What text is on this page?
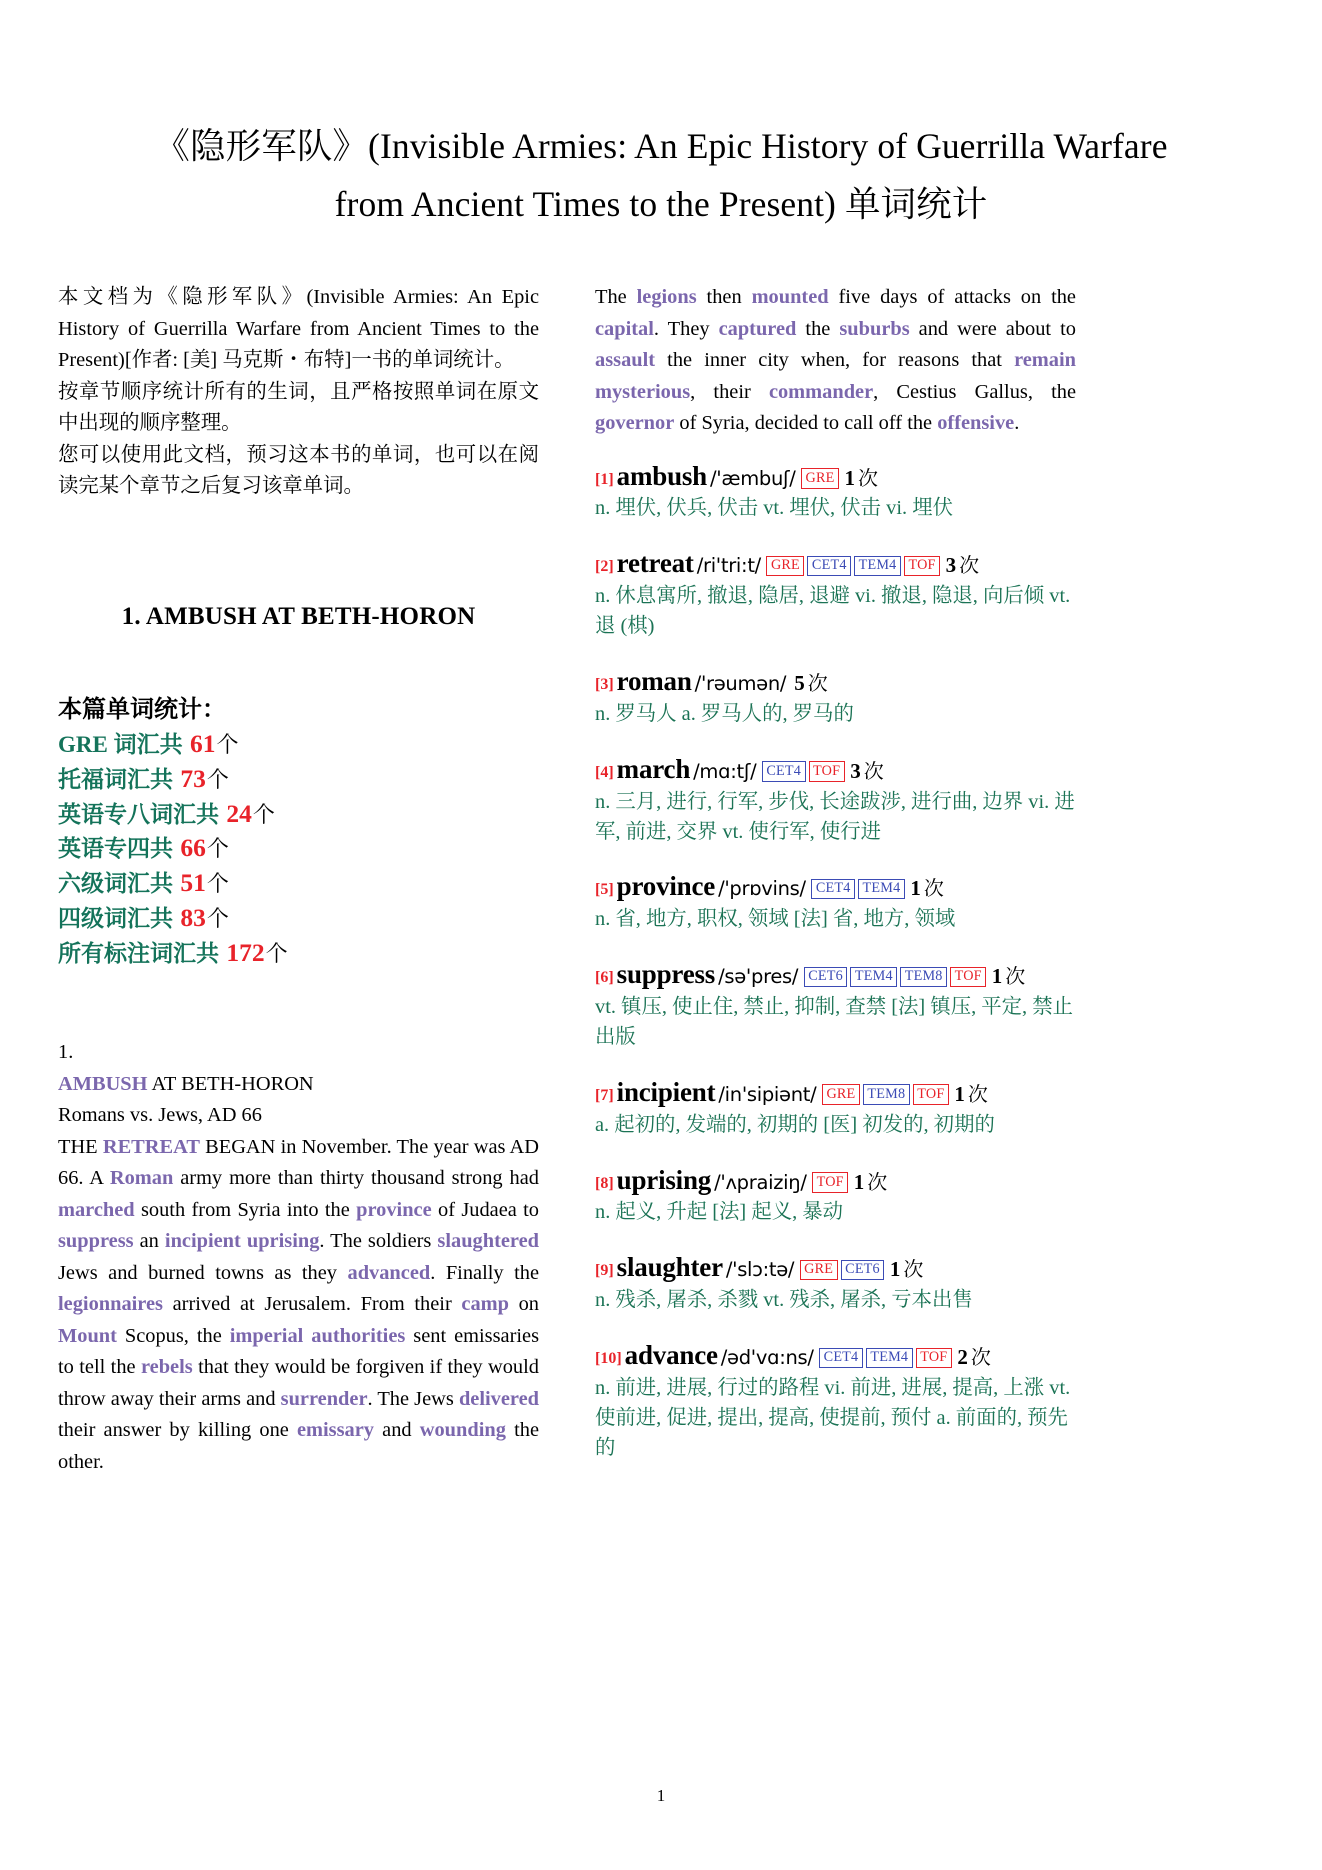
《隐形军队》(Invisible Armies: An Epic History of Guerrilla Warfare from Ancient Times to the Present) 单词统计

本文档为《隐形军队》(Invisible Armies: An Epic History of Guerrilla Warfare from Ancient Times to the Present)[作者: [美] 马克斯・布特]一书的单词统计。

按章节顺序统计所有的生词，且严格按照单词在原文中出现的顺序整理。

您可以使用此文档，预习这本书的单词，也可以在阅读完某个章节之后复习该章单词。

1. AMBUSH AT BETH-HORON
本篇单词统计：
GRE 词汇共 61个
托福词汇共 73个
英语专八词汇共 24个
英语专四共 66个
六级词汇共 51个
四级词汇共 83个
所有标注词汇共 172个
1.
AMBUSH AT BETH-HORON
Romans vs. Jews, AD 66

THE RETREAT BEGAN in November. The year was AD 66. A Roman army more than thirty thousand strong had marched south from Syria into the province of Judaea to suppress an incipient uprising. The soldiers slaughtered Jews and burned towns as they advanced. Finally the legionnaires arrived at Jerusalem. From their camp on Mount Scopus, the imperial authorities sent emissaries to tell the rebels that they would be forgiven if they would throw away their arms and surrender. The Jews delivered their answer by killing one emissary and wounding the other.

The legions then mounted five days of attacks on the capital. They captured the suburbs and were about to assault the inner city when, for reasons that remain mysterious, their commander, Cestius Gallus, the governor of Syria, decided to call off the offensive.

[1] ambush /'æmbuʃ/ GRE 1 次
n. 埋伏, 伏兵, 伏击 vt. 埋伏, 伏击 vi. 埋伏
[2] retreat /ri'tri:t/ GRE CET4 TEM4 TOF 3 次
n. 休息寓所, 撤退, 隐居, 退避 vi. 撤退, 隐退, 向后倾 vt. 退 (棋)
[3] roman /'rəumən/ 5 次
n. 罗马人 a. 罗马人的, 罗马的
[4] march /mɑ:tʃ/ CET4 TOF 3 次
n. 三月, 进行, 行军, 步伐, 长途跋涉, 进行曲, 边界 vi. 进军, 前进, 交界 vt. 使行军, 使行进
[5] province /'prɒvins/ CET4 TEM4 1 次
n. 省, 地方, 职权, 领域 [法] 省, 地方, 领域
[6] suppress /sə'pres/ CET6 TEM4 TEM8 TOF 1 次
vt. 镇压, 使止住, 禁止, 抑制, 查禁 [法] 镇压, 平定, 禁止出版
[7] incipient /in'sipiənt/ GRE TEM8 TOF 1 次
a. 起初的, 发端的, 初期的 [医] 初发的, 初期的
[8] uprising /'ʌpraiziŋ/ TOF 1 次
n. 起义, 升起 [法] 起义, 暴动
[9] slaughter /'slɔ:tə/ GRE CET6 1 次
n. 残杀, 屠杀, 杀戮 vt. 残杀, 屠杀, 亏本出售
[10] advance /əd'vɑ:ns/ CET4 TEM4 TOF 2 次
n. 前进, 进展, 行过的路程 vi. 前进, 进展, 提高, 上涨 vt. 使前进, 促进, 提出, 提高, 使提前, 预付 a. 前面的, 预先的
1
